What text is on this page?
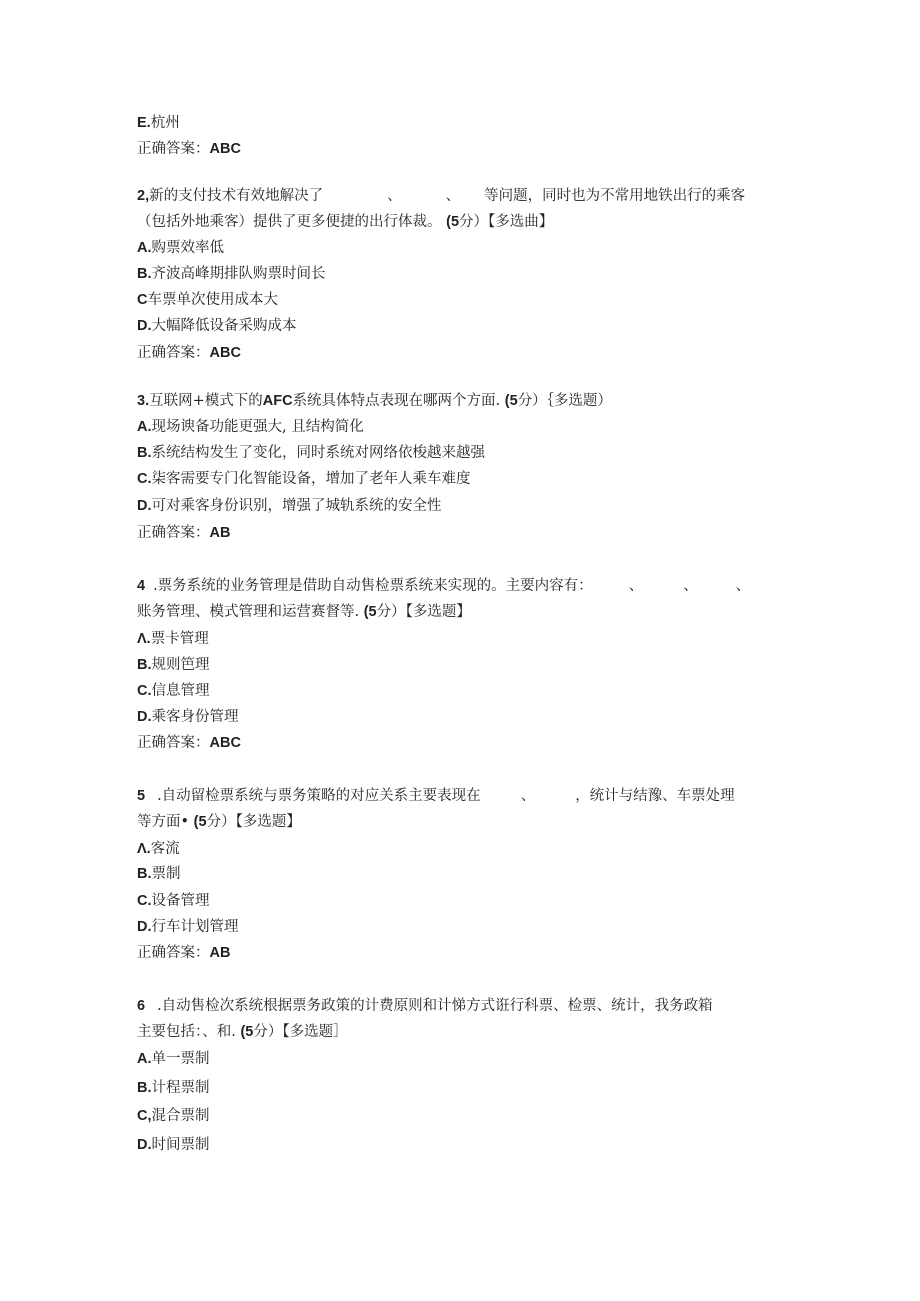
E.杭州
正确答案：ABC
2,新的支付技术有效地解决了	、	、 等问题，同时也为不常用地铁出行的乘客
（包括外地乘客）提供了更多便捷的出行体裁。 (5分）【多选曲】
A.购票效率低
B.齐波高峰期排队购票时间长
C车票单次使用成本大
D.大幅降低设备采购成本
正确答案：ABC
3.互联网+模式下的AFC系统具体特点表现在哪两个方面. (5分）｛多选题）
A.现场谀备功能更强大, 且结构简化
B.系统结构发生了变化，同时系统对网络依梭越来越强
C.柒客需要专门化智能设备，增加了老年人乘车难度
D.可对乘客身份识别，增强了城轨系统的安全性
正确答案：AB
4 .票务系统的业务管理是借助自动售检票系统来实现的。主要内容有： 、	、	、
账务管理、模式管理和运营赛督等. (5分）【多选题】
Λ.票卡管理
B.规则笆理
C.信息管理
D.乘客身份管理
正确答案：ABC
5 .自动留检票系统与票务策略的对应关系主要表现在	、	，统计与结豫、车票处理
等方面• (5分）【多选题】
Λ.客流
B.票制
C.设备管理
D.行车计划管理
正确答案：AB
6 .自动售检次系统根据票务政策的计费原则和计悌方式诳行科票、检票、统计，我务政箱
主要包括：、和. (5分）【多选题］
A.单一票制
B.计程票制
C,混合票制
D.时间票制
